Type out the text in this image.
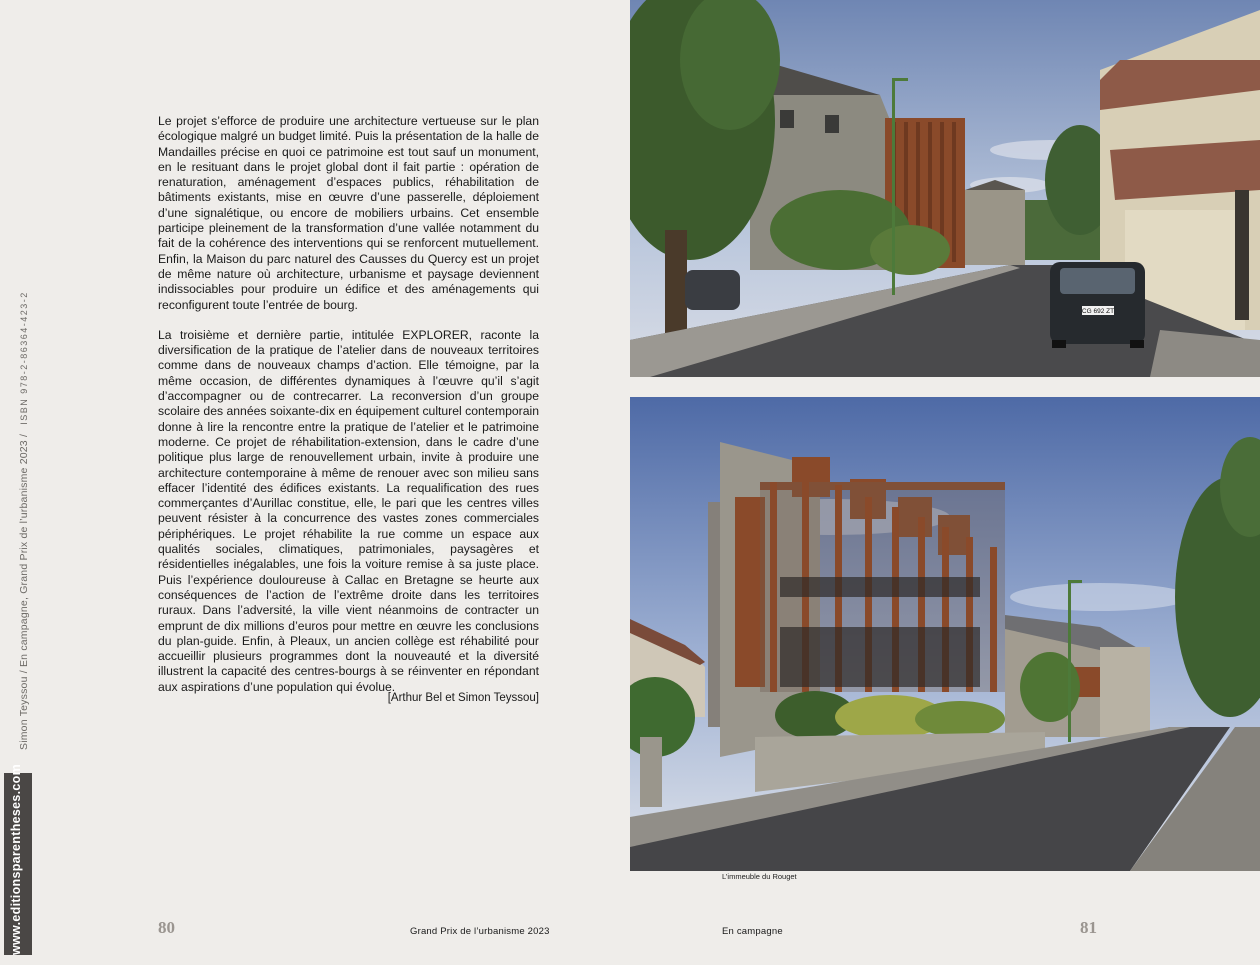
Simon Teyssou / En campagne, Grand Prix de l’urbanisme 2023 / ISBN 978-2-86364-423-2
www.editionsparentheses.com

Le projet s’efforce de produire une architecture vertueuse sur le plan écologique malgré un budget limité. Puis la présentation de la halle de Mandailles précise en quoi ce patrimoine est tout sauf un monument, en le resituant dans le projet global dont il fait partie : opération de renaturation, aménagement d’espaces publics, réhabilitation de bâtiments existants, mise en œuvre d’une passerelle, déploiement d’une signalétique, ou encore de mobiliers urbains. Cet ensemble participe pleinement de la transformation d’une vallée notamment du fait de la cohérence des interventions qui se renforcent mutuellement. Enfin, la Maison du parc naturel des Causses du Quercy est un projet de même nature où architecture, urbanisme et paysage deviennent indissociables pour produire un édifice et des aménagements qui reconfigurent toute l’entrée de bourg.

La troisième et dernière partie, intitulée EXPLORER, raconte la diversification de la pratique de l’atelier dans de nouveaux territoires comme dans de nouveaux champs d’action. Elle témoigne, par la même occasion, de différentes dynamiques à l’œuvre qu’il s’agit d’accompagner ou de contrecarrer. La reconversion d’un groupe scolaire des années soixante-dix en équipement culturel contemporain donne à lire la rencontre entre la pratique de l’atelier et le patrimoine moderne. Ce projet de réhabilitation-extension, dans le cadre d’une politique plus large de renouvellement urbain, invite à produire une architecture contemporaine à même de renouer avec son milieu sans effacer l’identité des édifices existants. La requalification des rues commerçantes d’Aurillac constitue, elle, le pari que les centres villes peuvent résister à la concurrence des vastes zones commerciales périphériques. Le projet réhabilite la rue comme un espace aux qualités sociales, climatiques, patrimoniales, paysagères et résidentielles inégalables, une fois la voiture remise à sa juste place. Puis l’expérience douloureuse à Callac en Bretagne se heurte aux conséquences de l’action de l’extrême droite dans les territoires ruraux. Dans l’adversité, la ville vient néanmoins de contracter un emprunt de dix millions d’euros pour mettre en œuvre les conclusions du plan-guide. Enfin, à Pleaux, un ancien collège est réhabilité pour accueillir plusieurs programmes dont la nouveauté et la diversité illustrent la capacité des centres-bourgs à se réinventer en répondant aux aspirations d’une population qui évolue.

[Arthur Bel et Simon Teyssou]
80	Grand Prix de l’urbanisme 2023
CG 692 ZT
L’immeuble du Rouget
81
En campagne
